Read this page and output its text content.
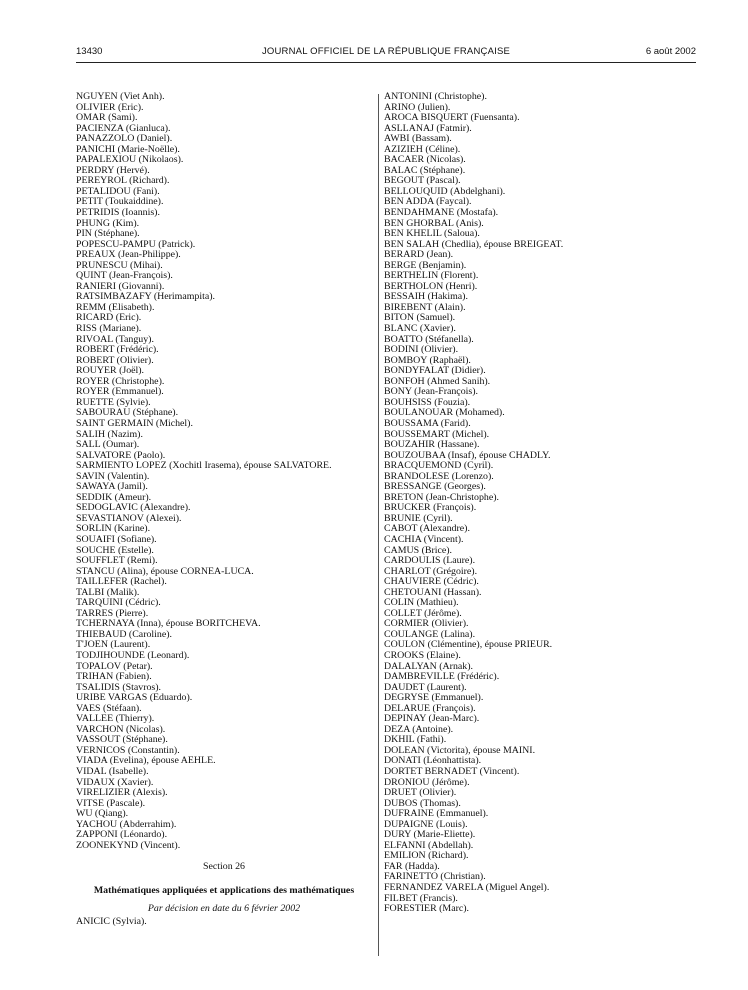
13430	JOURNAL OFFICIEL DE LA RÉPUBLIQUE FRANÇAISE	6 août 2002
NGUYEN (Viet Anh).
OLIVIER (Eric).
OMAR (Sami).
PACIENZA (Gianluca).
PANAZZOLO (Daniel).
PANICHI (Marie-Noëlle).
PAPALEXIOU (Nikolaos).
PERDRY (Hervé).
PEREYROL (Richard).
PETALIDOU (Fani).
PETIT (Toukaiddine).
PETRIDIS (Ioannis).
PHUNG (Kim).
PIN (Stéphane).
POPESCU-PAMPU (Patrick).
PREAUX (Jean-Philippe).
PRUNESCU (Mihai).
QUINT (Jean-François).
RANIERI (Giovanni).
RATSIMBAZAFY (Herimampita).
REMM (Elisabeth).
RICARD (Eric).
RISS (Mariane).
RIVOAL (Tanguy).
ROBERT (Frédéric).
ROBERT (Olivier).
ROUYER (Joël).
ROYER (Christophe).
ROYER (Emmanuel).
RUETTE (Sylvie).
SABOURAU (Stéphane).
SAINT GERMAIN (Michel).
SALIH (Nazim).
SALL (Oumar).
SALVATORE (Paolo).
SARMIENTO LOPEZ (Xochitl Irasema), épouse SALVATORE.
SAVIN (Valentin).
SAWAYA (Jamil).
SEDDIK (Ameur).
SEDOGLAVIC (Alexandre).
SEVASTIANOV (Alexei).
SORLIN (Karine).
SOUAIFI (Sofiane).
SOUCHE (Estelle).
SOUFFLET (Remi).
STANCU (Alina), épouse CORNEA-LUCA.
TAILLEFER (Rachel).
TALBI (Malik).
TARQUINI (Cédric).
TARRES (Pierre).
TCHERNAYA (Inna), épouse BORITCHEVA.
THIEBAUD (Caroline).
T'JOEN (Laurent).
TODJIHOUNDE (Leonard).
TOPALOV (Petar).
TRIHAN (Fabien).
TSALIDIS (Stavros).
URIBE VARGAS (Eduardo).
VAES (Stéfaan).
VALLEE (Thierry).
VARCHON (Nicolas).
VASSOUT (Stéphane).
VERNICOS (Constantin).
VIADA (Evelina), épouse AEHLE.
VIDAL (Isabelle).
VIDAUX (Xavier).
VIRELIZIER (Alexis).
VITSE (Pascale).
WU (Qiang).
YACHOU (Abderrahim).
ZAPPONI (Léonardo).
ZOONEKYND (Vincent).
Section 26
Mathématiques appliquées et applications des mathématiques
Par décision en date du 6 février 2002
ANICIC (Sylvia).
ANTONINI (Christophe).
ARINO (Julien).
AROCA BISQUERT (Fuensanta).
ASLLANAJ (Fatmir).
AWBI (Bassam).
AZIZIEH (Céline).
BACAER (Nicolas).
BALAC (Stéphane).
BEGOUT (Pascal).
BELLOUQUID (Abdelghani).
BEN ADDA (Faycal).
BENDAHMANE (Mostafa).
BEN GHORBAL (Anis).
BEN KHELIL (Saloua).
BEN SALAH (Chedlia), épouse BREIGEAT.
BERARD (Jean).
BERGE (Benjamin).
BERTHELIN (Florent).
BERTHOLON (Henri).
BESSAIH (Hakima).
BIREBENT (Alain).
BITON (Samuel).
BLANC (Xavier).
BOATTO (Stéfanella).
BODINI (Olivier).
BOMBOY (Raphaël).
BONDYFALAT (Didier).
BONFOH (Ahmed Sanih).
BONY (Jean-François).
BOUHSISS (Fouzia).
BOULANOUAR (Mohamed).
BOUSSAMA (Farid).
BOUSSEMART (Michel).
BOUZAHIR (Hassane).
BOUZOUBAA (Insaf), épouse CHADLY.
BRACQUEMOND (Cyril).
BRANDOLESE (Lorenzo).
BRESSANGE (Georges).
BRETON (Jean-Christophe).
BRUCKER (François).
BRUNIE (Cyril).
CABOT (Alexandre).
CACHIA (Vincent).
CAMUS (Brice).
CARDOULIS (Laure).
CHARLOT (Grégoire).
CHAUVIERE (Cédric).
CHETOUANI (Hassan).
COLIN (Mathieu).
COLLET (Jérôme).
CORMIER (Olivier).
COULANGE (Lalina).
COULON (Clémentine), épouse PRIEUR.
CROOKS (Elaine).
DALALYAN (Arnak).
DAMBREVILLE (Frédéric).
DAUDET (Laurent).
DEGRYSE (Emmanuel).
DELARUE (François).
DEPINAY (Jean-Marc).
DEZA (Antoine).
DKHIL (Fathi).
DOLEAN (Victorita), épouse MAINI.
DONATI (Léonhattista).
DORTET BERNADET (Vincent).
DRONIOU (Jérôme).
DRUET (Olivier).
DUBOS (Thomas).
DUFRAINE (Emmanuel).
DUPAIGNE (Louis).
DURY (Marie-Eliette).
ELFANNI (Abdellah).
EMILION (Richard).
FAR (Hadda).
FARINETTO (Christian).
FERNANDEZ VARELA (Miguel Angel).
FILBET (Francis).
FORESTIER (Marc).
